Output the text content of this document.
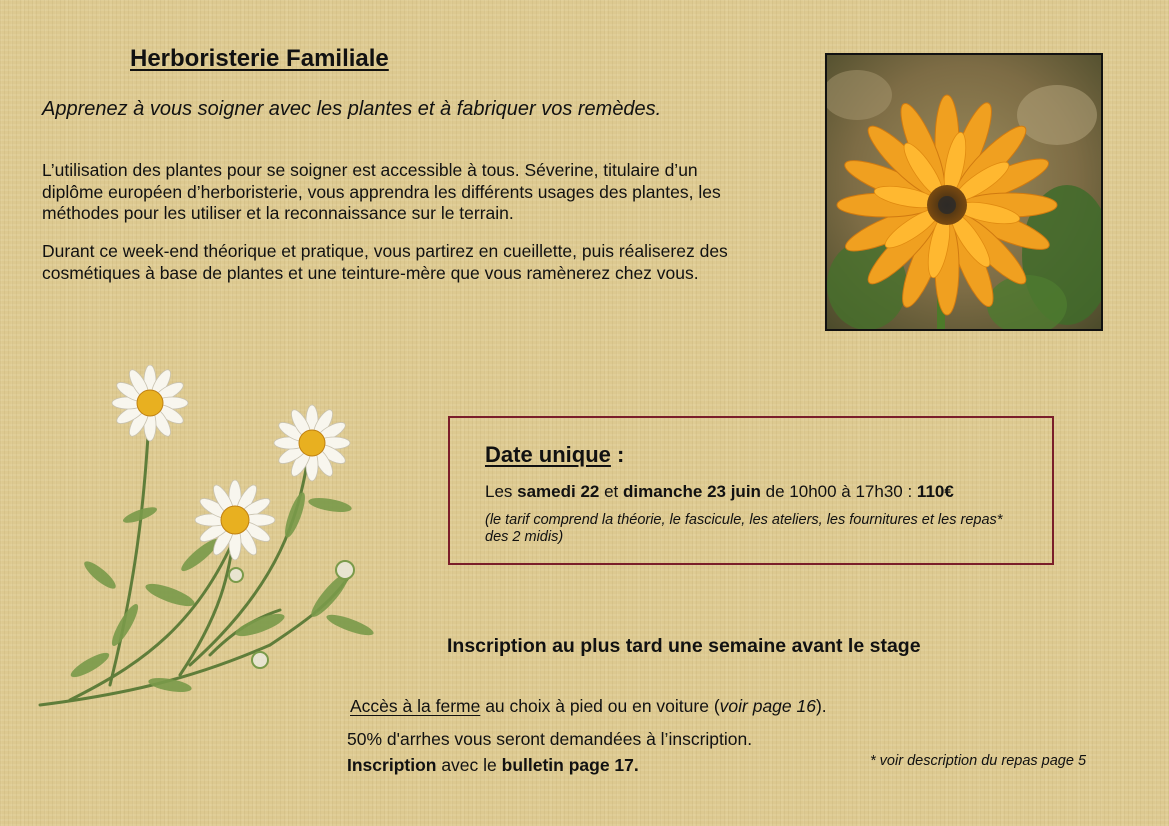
Herboristerie Familiale
Apprenez à vous soigner avec les plantes et à fabriquer vos remèdes.
L’utilisation des plantes pour se soigner est accessible à tous. Séverine, titulaire d’un diplôme européen d’herboristerie, vous apprendra les différents usages des plantes, les méthodes pour les utiliser et la reconnaissance sur le terrain.
Durant ce week-end théorique et pratique, vous partirez en cueillette, puis réaliserez des cosmétiques à base de plantes et une teinture-mère que vous ramènerez chez vous.
Date unique :
Les samedi 22 et dimanche 23 juin de 10h00 à 17h30 : 110€
(le tarif comprend la théorie, le fascicule, les ateliers, les fournitures et les repas* des 2 midis)
Inscription au plus tard une semaine avant le stage
Accès à la ferme au choix à pied ou en voiture (voir page 16).
50% d'arrhes vous seront demandées à l’inscription.
Inscription avec le bulletin page 17.	* voir description du repas page 5
